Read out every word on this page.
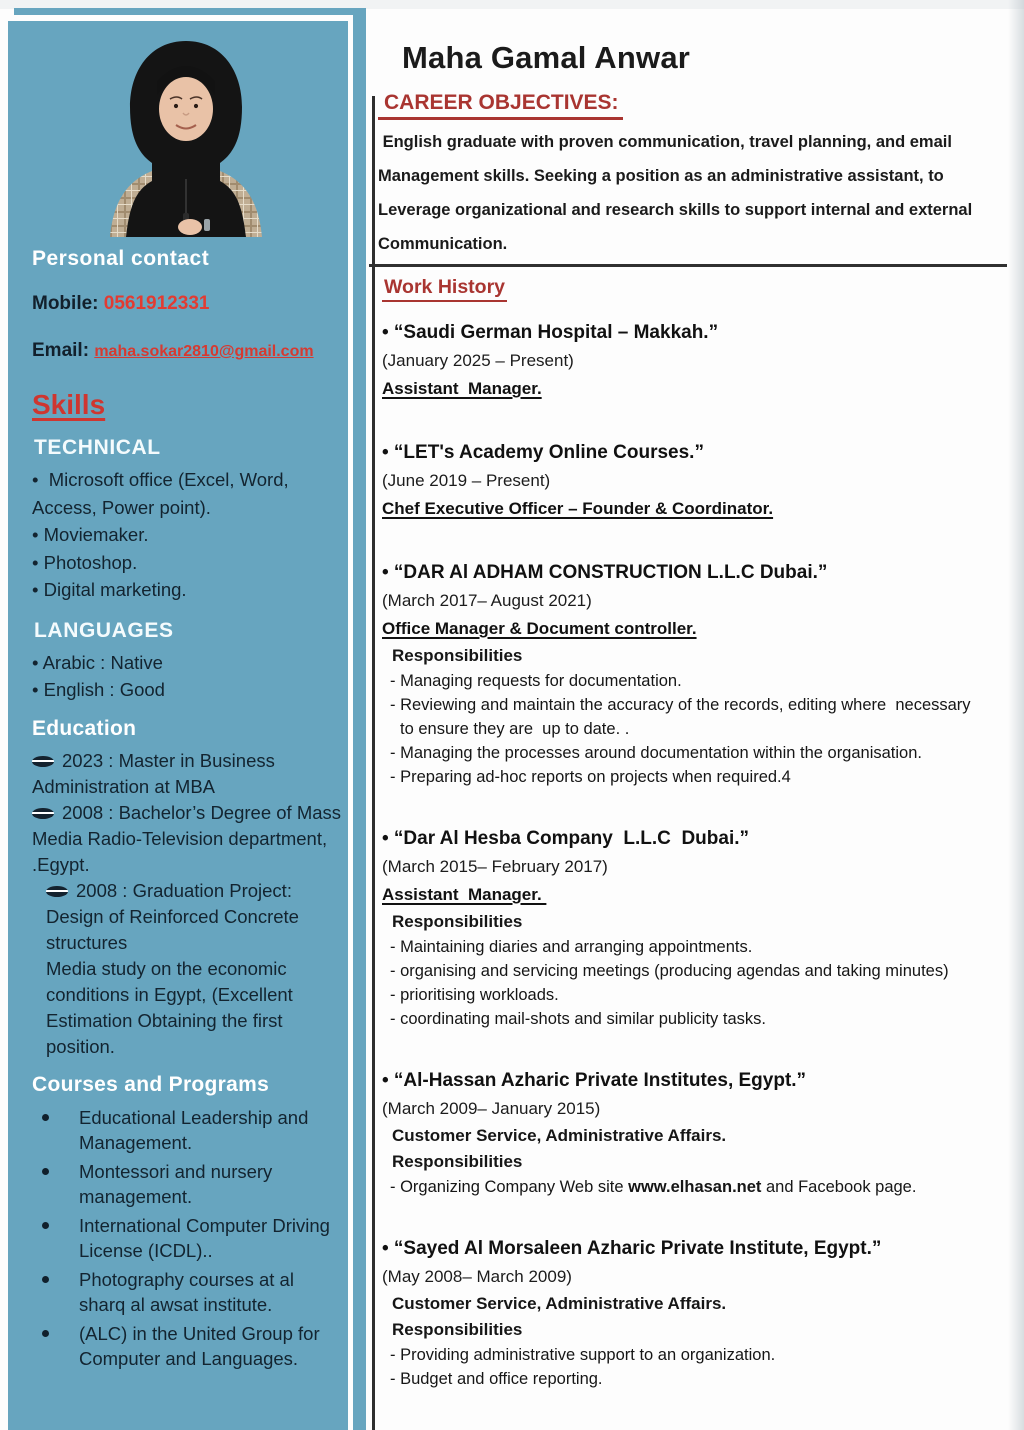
Personal contact

Mobile: 0561912331

Email: maha.sokar2810@gmail.com

Skills
TECHNICAL
•  Microsoft office (Excel, Word,
Access, Power point).
• Moviemaker.
• Photoshop.
• Digital marketing.
LANGUAGES
• Arabic : Native
• English : Good
Education
2023 : Master in Business
Administration at MBA
2008 : Bachelor’s Degree of Mass
Media Radio-Television department,
.Egypt.
2008 : Graduation Project:
Design of Reinforced Concrete
structures
Media study on the economic
conditions in Egypt, (Excellent
Estimation Obtaining the first
position.
Courses and Programs
Educational Leadership and
Management.
Montessori and nursery
management.
International Computer Driving
License (ICDL)..
Photography courses at al
sharq al awsat institute.
(ALC) in the United Group for
Computer and Languages.
Maha Gamal Anwar
CAREER OBJECTIVES:
English graduate with proven communication, travel planning, and email
Management skills. Seeking a position as an administrative assistant, to
Leverage organizational and research skills to support internal and external
Communication.
Work History
• “Saudi German Hospital – Makkah.”
(January 2025 – Present)
Assistant  Manager.
• “LET's Academy Online Courses.”
(June 2019 – Present)
Chef Executive Officer – Founder & Coordinator.
• “DAR Al ADHAM CONSTRUCTION L.L.C Dubai.”
(March 2017– August 2021)
Office Manager & Document controller.
Responsibilities
- Managing requests for documentation.
- Reviewing and maintain the accuracy of the records, editing where  necessary
to ensure they are  up to date. .
- Managing the processes around documentation within the organisation.
- Preparing ad-hoc reports on projects when required.4
• “Dar Al Hesba Company  L.L.C  Dubai.”
(March 2015– February 2017)
Assistant  Manager.
Responsibilities
- Maintaining diaries and arranging appointments.
- organising and servicing meetings (producing agendas and taking minutes)
- prioritising workloads.
- coordinating mail-shots and similar publicity tasks.
• “Al-Hassan Azharic Private Institutes, Egypt.”
(March 2009– January 2015)
Customer Service, Administrative Affairs.
Responsibilities
- Organizing Company Web site www.elhasan.net and Facebook page.
• “Sayed Al Morsaleen Azharic Private Institute, Egypt.”
(May 2008– March 2009)
Customer Service, Administrative Affairs.
Responsibilities
- Providing administrative support to an organization.
- Budget and office reporting.
